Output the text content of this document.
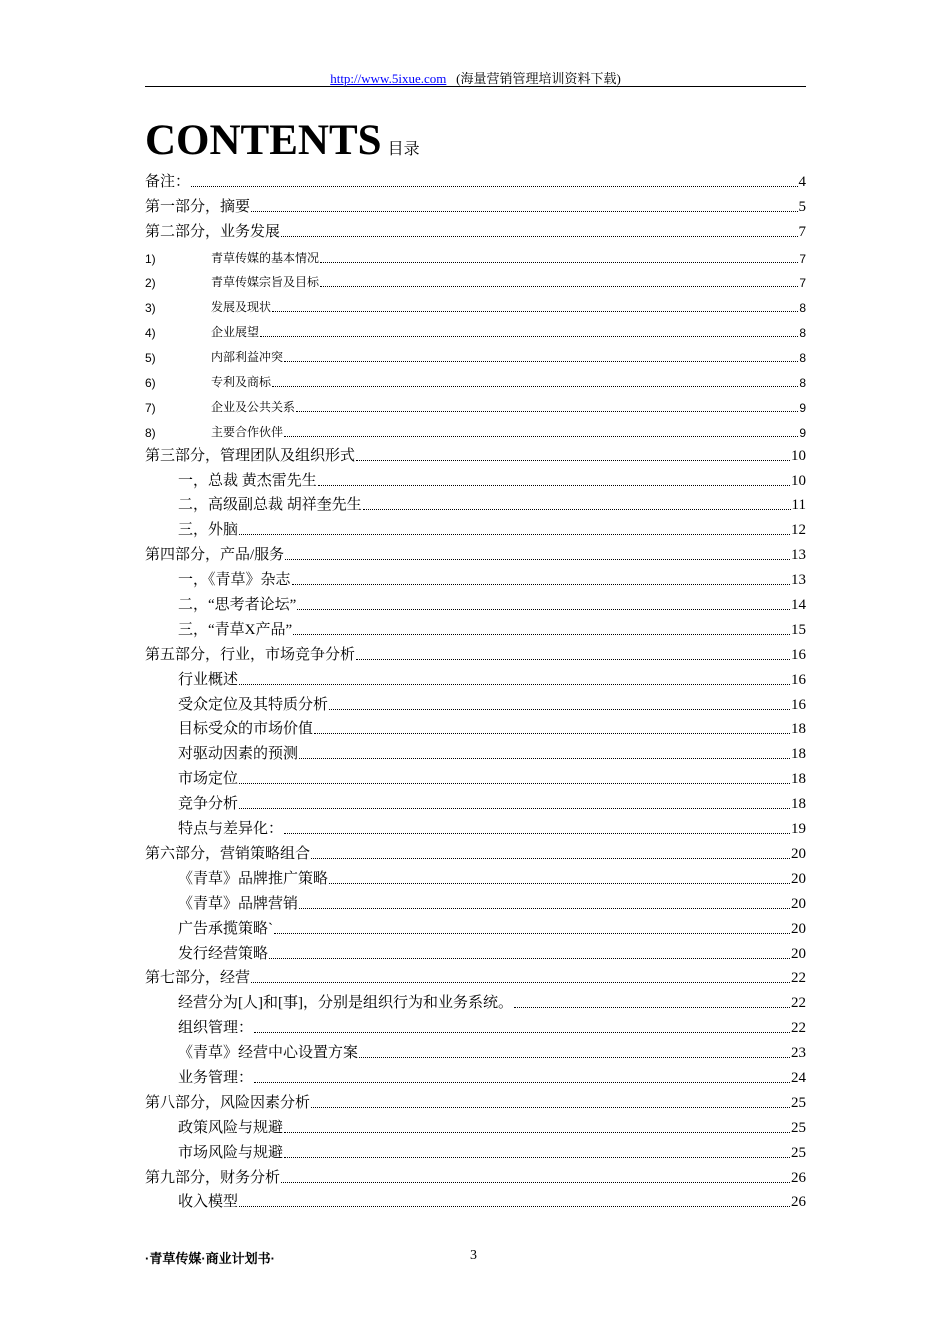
http://www.5ixue.com (海量营销管理培训资料下载)
CONTENTS 目录
备注：	4
第一部分，摘要	5
第二部分，业务发展	7
1)	青草传媒的基本情况	7
2)	青草传媒宗旨及目标	7
3)	发展及现状	8
4)	企业展望	8
5)	内部利益冲突	8
6)	专利及商标	8
7)	企业及公共关系	9
8)	主要合作伙伴	9
第三部分，管理团队及组织形式	10
一，总裁 黄杰雷先生	10
二，高级副总裁 胡祥奎先生	11
三，外脑	12
第四部分，产品/服务	13
一，《青草》杂志	13
二，“思考者论坛”	14
三，“青草X产品”	15
第五部分，行业，市场竞争分析	16
行业概述	16
受众定位及其特质分析	16
目标受众的市场价值	18
对驱动因素的预测	18
市场定位	18
竞争分析	18
特点与差异化：	19
第六部分，营销策略组合	20
《青草》品牌推广策略	20
《青草》品牌营销	20
广告承揽策略`	20
发行经营策略	20
第七部分，经营	22
经营分为[人]和[事]，分别是组织行为和业务系统。	22
组织管理：	22
《青草》经营中心设置方案	23
业务管理：	24
第八部分，风险因素分析	25
政策风险与规避	25
市场风险与规避	25
第九部分，财务分析	26
收入模型	26
·青草传媒·商业计划书·	3
